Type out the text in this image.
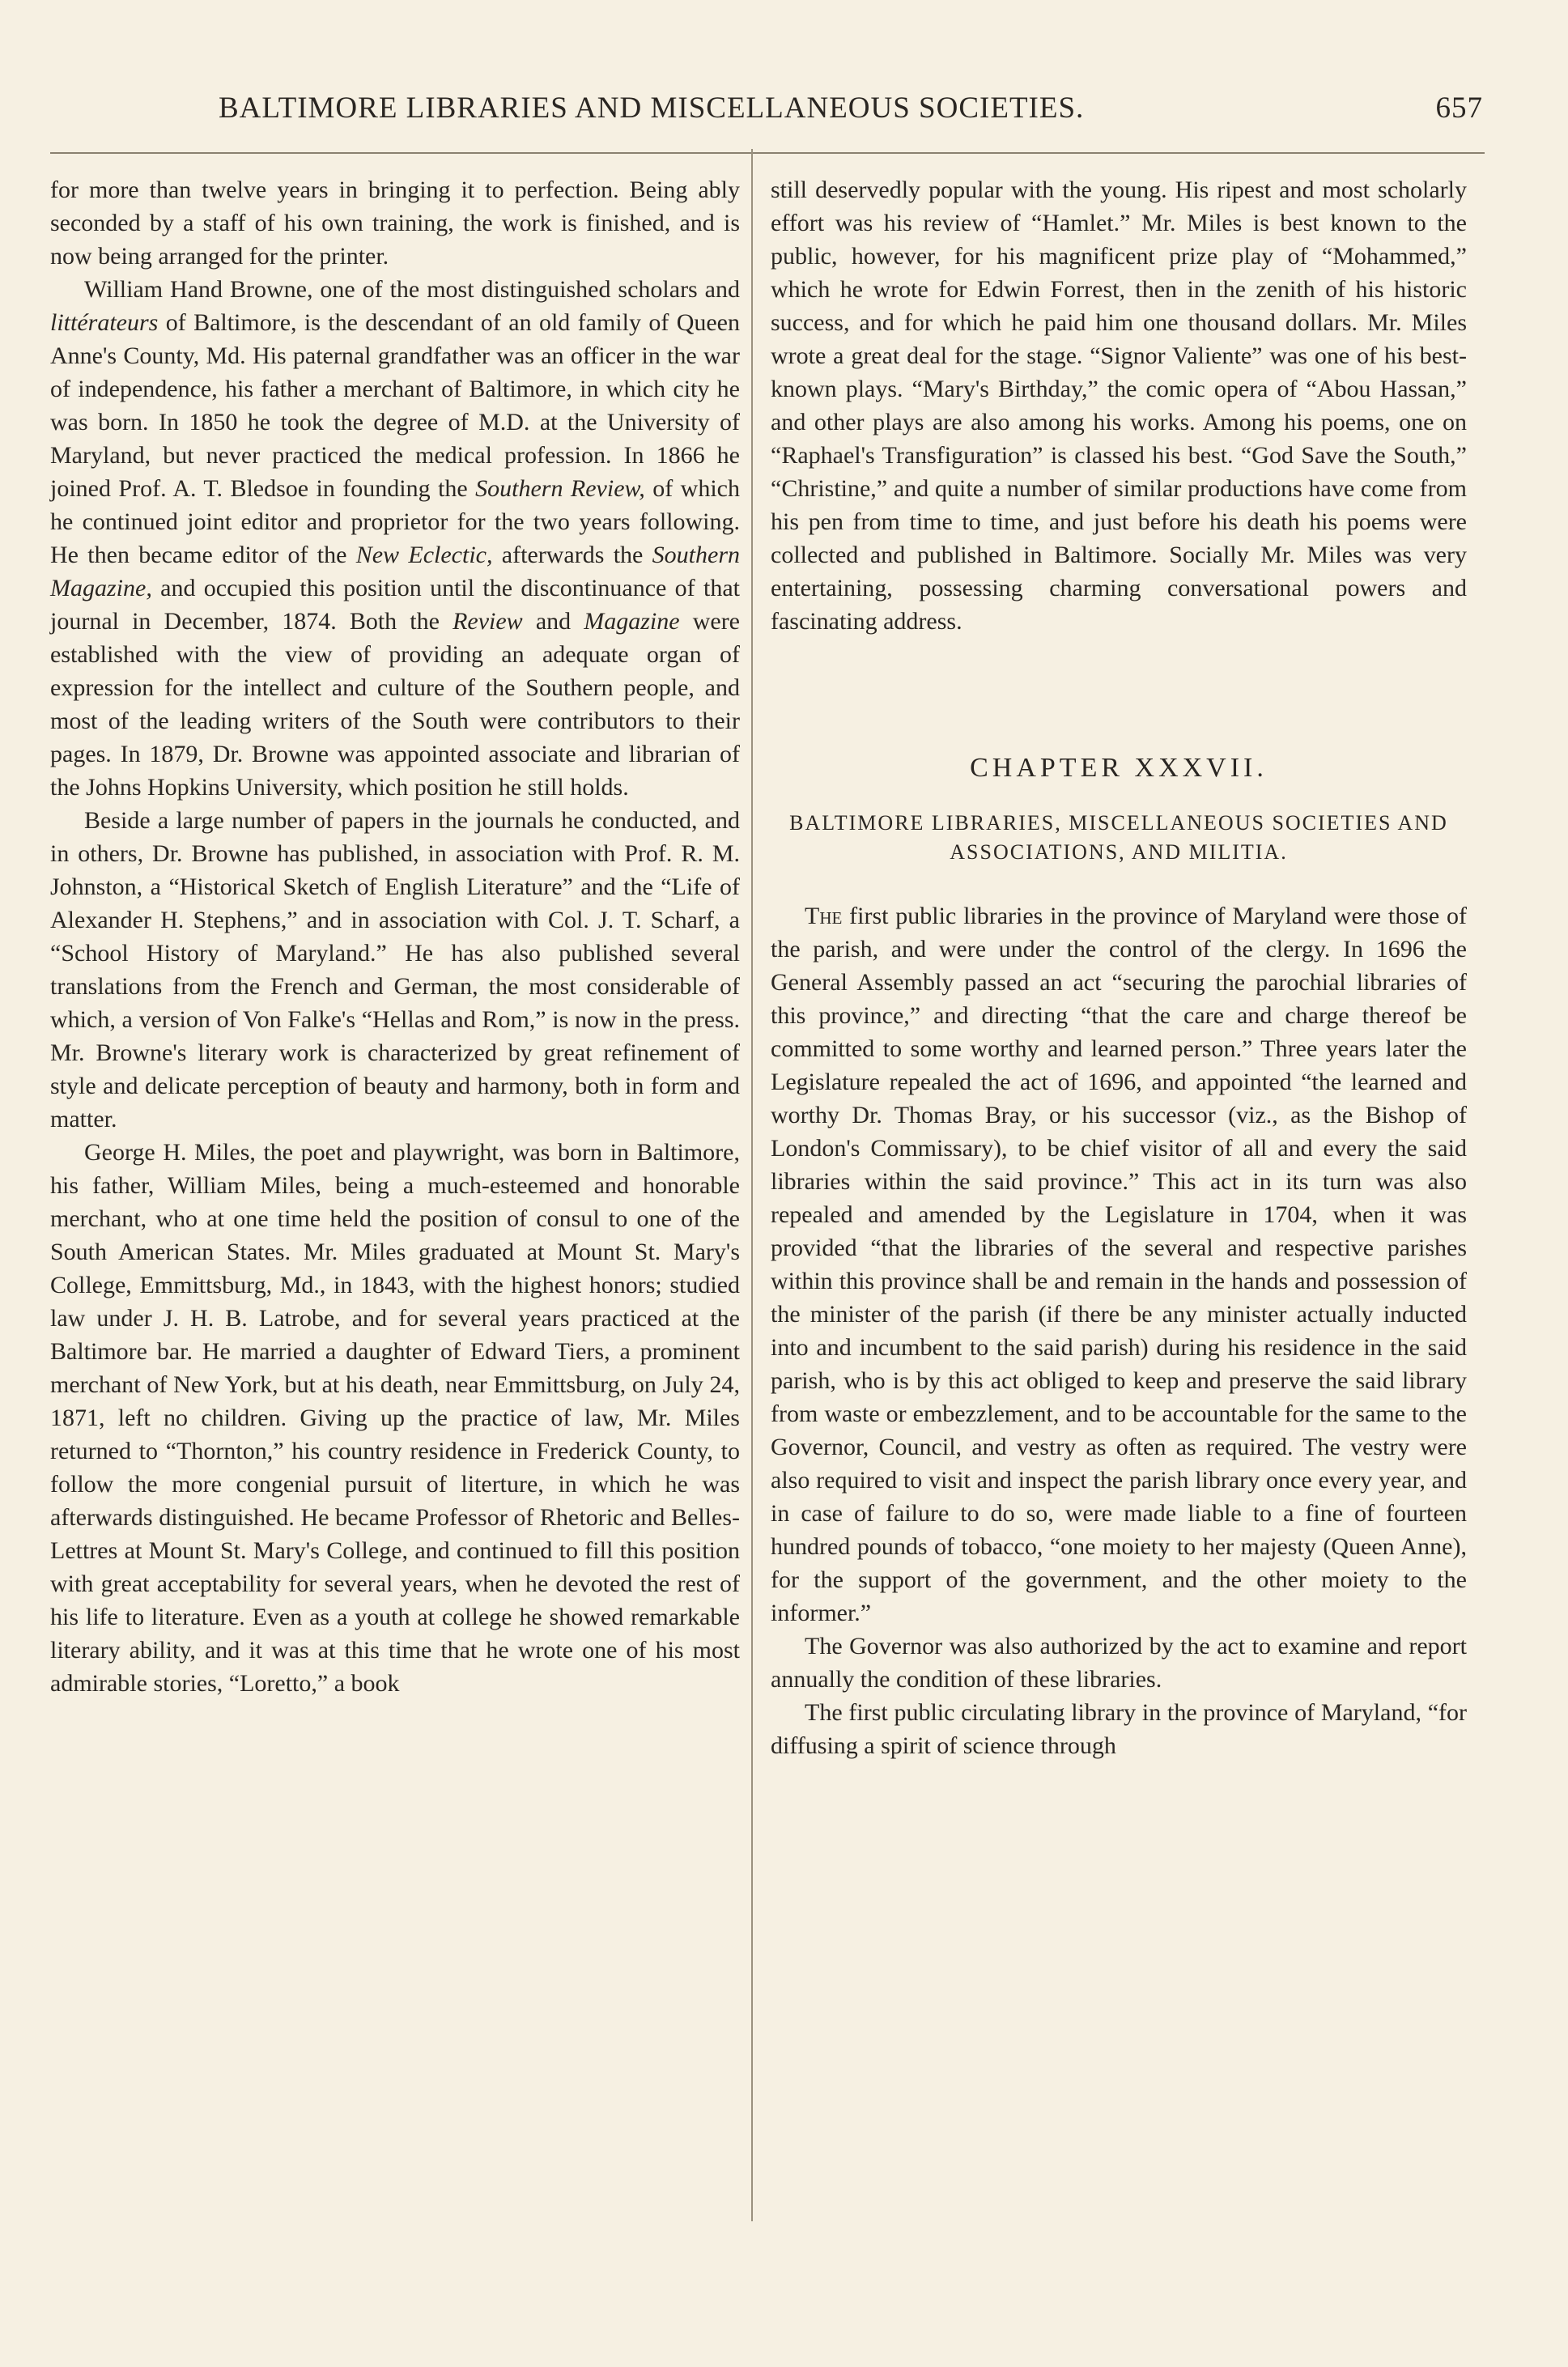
BALTIMORE LIBRARIES AND MISCELLANEOUS SOCIETIES.	657

for more than twelve years in bringing it to perfection. Being ably seconded by a staff of his own training, the work is finished, and is now being arranged for the printer.

William Hand Browne, one of the most distinguished scholars and littérateurs of Baltimore, is the descendant of an old family of Queen Anne's County, Md. His paternal grandfather was an officer in the war of independence, his father a merchant of Baltimore, in which city he was born. In 1850 he took the degree of M.D. at the University of Maryland, but never practiced the medical profession. In 1866 he joined Prof. A. T. Bledsoe in founding the Southern Review, of which he continued joint editor and proprietor for the two years following. He then became editor of the New Eclectic, afterwards the Southern Magazine, and occupied this position until the discontinuance of that journal in December, 1874. Both the Review and Magazine were established with the view of providing an adequate organ of expression for the intellect and culture of the Southern people, and most of the leading writers of the South were contributors to their pages. In 1879, Dr. Browne was appointed associate and librarian of the Johns Hopkins University, which position he still holds.

Beside a large number of papers in the journals he conducted, and in others, Dr. Browne has published, in association with Prof. R. M. Johnston, a “Historical Sketch of English Literature” and the “Life of Alexander H. Stephens,” and in association with Col. J. T. Scharf, a “School History of Maryland.” He has also published several translations from the French and German, the most considerable of which, a version of Von Falke's “Hellas and Rom,” is now in the press. Mr. Browne's literary work is characterized by great refinement of style and delicate perception of beauty and harmony, both in form and matter.

George H. Miles, the poet and playwright, was born in Baltimore, his father, William Miles, being a much-esteemed and honorable merchant, who at one time held the position of consul to one of the South American States. Mr. Miles graduated at Mount St. Mary's College, Emmittsburg, Md., in 1843, with the highest honors; studied law under J. H. B. Latrobe, and for several years practiced at the Baltimore bar. He married a daughter of Edward Tiers, a prominent merchant of New York, but at his death, near Emmittsburg, on July 24, 1871, left no children. Giving up the practice of law, Mr. Miles returned to “Thornton,” his country residence in Frederick County, to follow the more congenial pursuit of literture, in which he was afterwards distinguished. He became Professor of Rhetoric and Belles-Lettres at Mount St. Mary's College, and continued to fill this position with great acceptability for several years, when he devoted the rest of his life to literature. Even as a youth at college he showed remarkable literary ability, and it was at this time that he wrote one of his most admirable stories, “Loretto,” a book

still deservedly popular with the young. His ripest and most scholarly effort was his review of “Hamlet.” Mr. Miles is best known to the public, however, for his magnificent prize play of “Mohammed,” which he wrote for Edwin Forrest, then in the zenith of his historic success, and for which he paid him one thousand dollars. Mr. Miles wrote a great deal for the stage. “Signor Valiente” was one of his best-known plays. “Mary's Birthday,” the comic opera of “Abou Hassan,” and other plays are also among his works. Among his poems, one on “Raphael's Transfiguration” is classed his best. “God Save the South,” “Christine,” and quite a number of similar productions have come from his pen from time to time, and just before his death his poems were collected and published in Baltimore. Socially Mr. Miles was very entertaining, possessing charming conversational powers and fascinating address.

CHAPTER XXXVII.
BALTIMORE LIBRARIES, MISCELLANEOUS SOCIETIES AND ASSOCIATIONS, AND MILITIA.

The first public libraries in the province of Maryland were those of the parish, and were under the control of the clergy. In 1696 the General Assembly passed an act “securing the parochial libraries of this province,” and directing “that the care and charge thereof be committed to some worthy and learned person.” Three years later the Legislature repealed the act of 1696, and appointed “the learned and worthy Dr. Thomas Bray, or his successor (viz., as the Bishop of London's Commissary), to be chief visitor of all and every the said libraries within the said province.” This act in its turn was also repealed and amended by the Legislature in 1704, when it was provided “that the libraries of the several and respective parishes within this province shall be and remain in the hands and possession of the minister of the parish (if there be any minister actually inducted into and incumbent to the said parish) during his residence in the said parish, who is by this act obliged to keep and preserve the said library from waste or embezzlement, and to be accountable for the same to the Governor, Council, and vestry as often as required. The vestry were also required to visit and inspect the parish library once every year, and in case of failure to do so, were made liable to a fine of fourteen hundred pounds of tobacco, “one moiety to her majesty (Queen Anne), for the support of the government, and the other moiety to the informer.”

The Governor was also authorized by the act to examine and report annually the condition of these libraries.

The first public circulating library in the province of Maryland, “for diffusing a spirit of science through
